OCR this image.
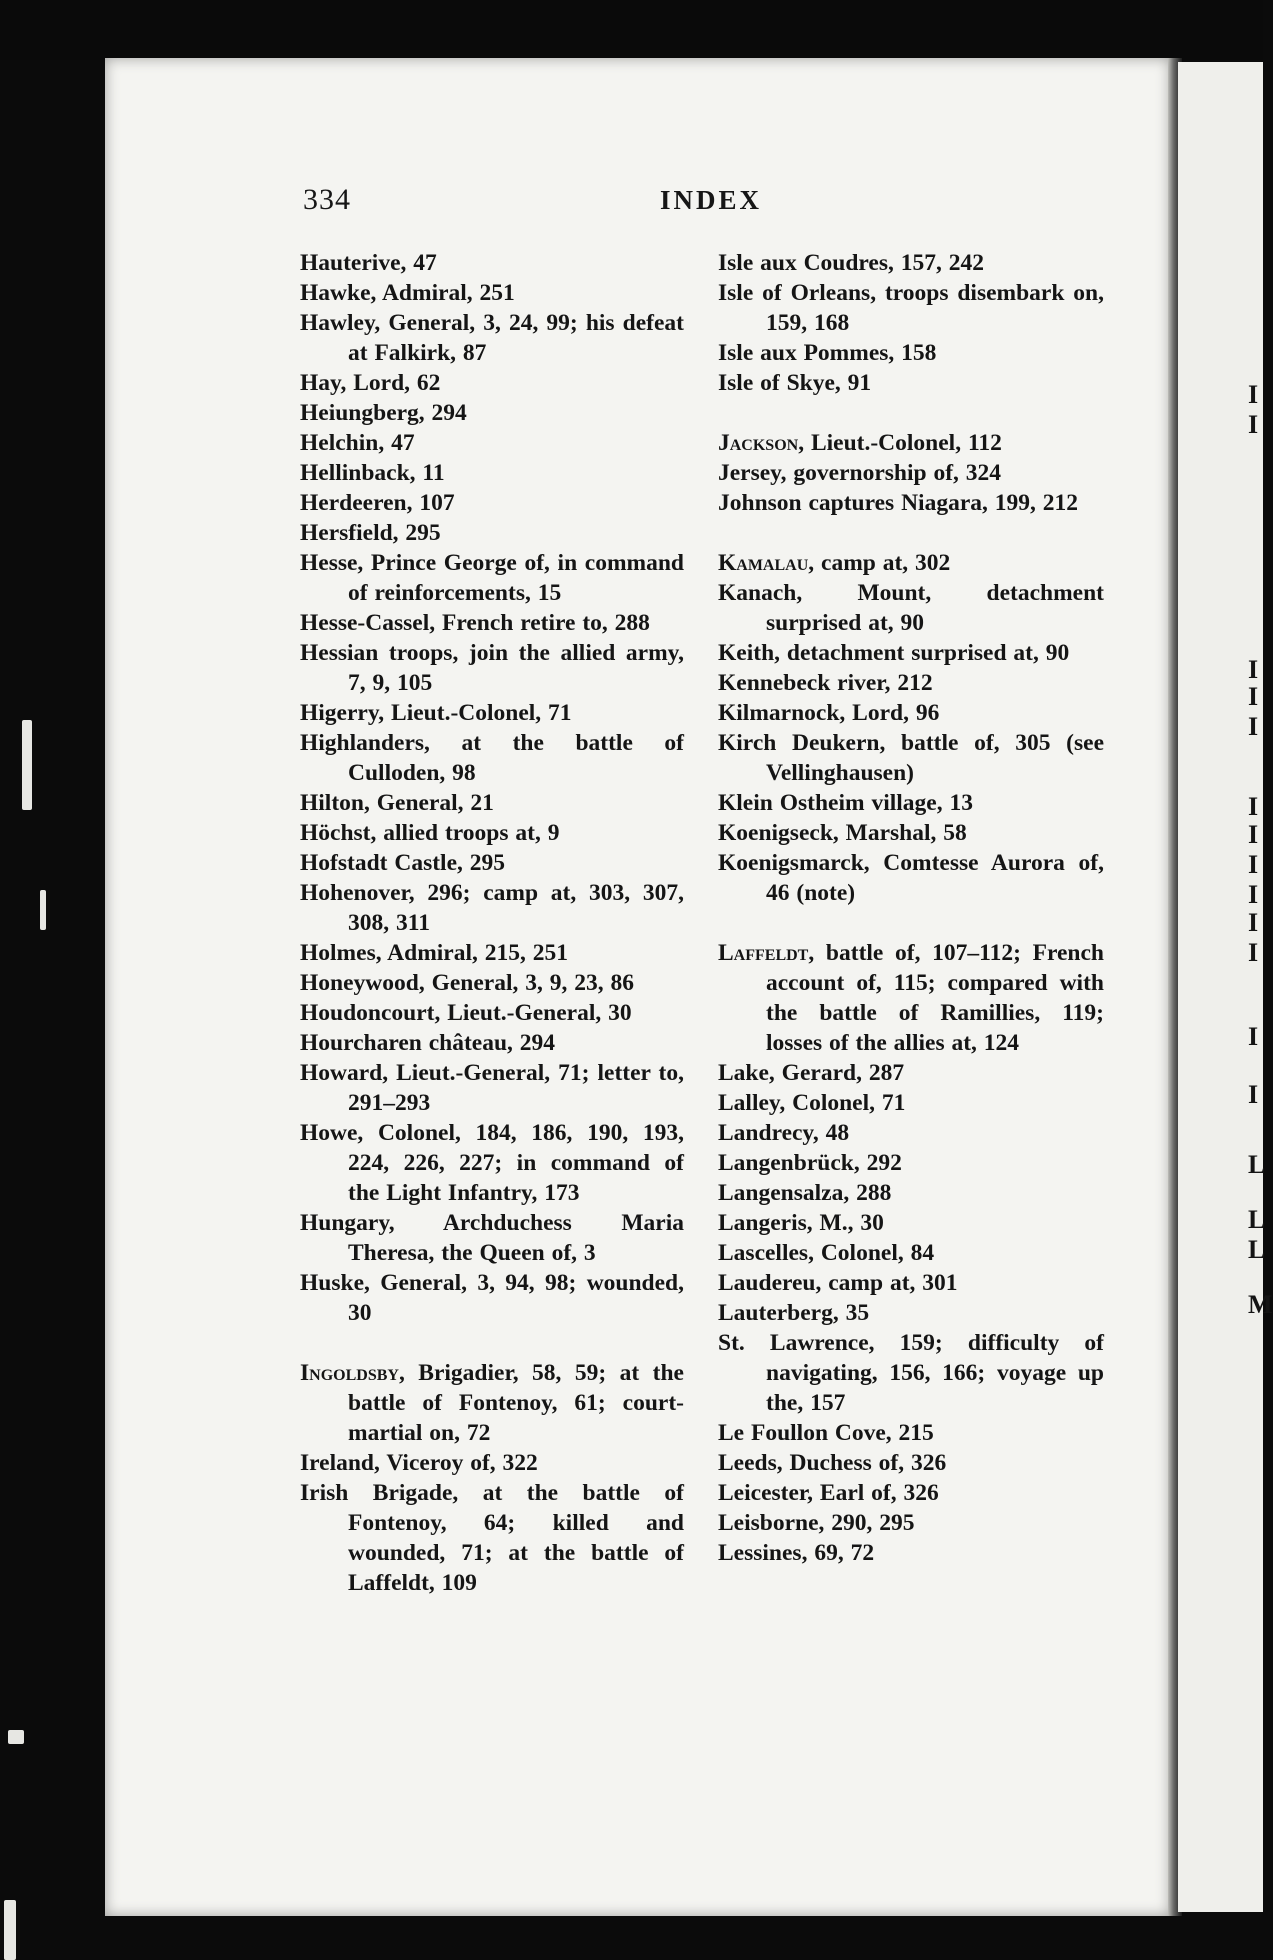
I
I
I
I
I
I
I
I
I
I
I
I
I
L
L
L
M
334	INDEX

Hauterive, 47

Hawke, Admiral, 251

Hawley, General, 3, 24, 99; his defeat at Falkirk, 87

Hay, Lord, 62

Heiungberg, 294

Helchin, 47

Hellinback, 11

Herdeeren, 107

Hersfield, 295

Hesse, Prince George of, in command of reinforcements, 15

Hesse-Cassel, French retire to, 288

Hessian troops, join the allied army, 7, 9, 105

Higerry, Lieut.-Colonel, 71

Highlanders, at the battle of Culloden, 98

Hilton, General, 21

Höchst, allied troops at, 9

Hofstadt Castle, 295

Hohenover, 296; camp at, 303, 307, 308, 311

Holmes, Admiral, 215, 251

Honeywood, General, 3, 9, 23, 86

Houdoncourt, Lieut.-General, 30

Hourcharen château, 294

Howard, Lieut.-General, 71; letter to, 291–293

Howe, Colonel, 184, 186, 190, 193, 224, 226, 227; in command of the Light Infantry, 173

Hungary, Archduchess Maria Theresa, the Queen of, 3

Huske, General, 3, 94, 98; wounded, 30

Ingoldsby, Brigadier, 58, 59; at the battle of Fontenoy, 61; court-martial on, 72

Ireland, Viceroy of, 322

Irish Brigade, at the battle of Fontenoy, 64; killed and wounded, 71; at the battle of Laffeldt, 109

Isle aux Coudres, 157, 242

Isle of Orleans, troops disembark on, 159, 168

Isle aux Pommes, 158

Isle of Skye, 91

Jackson, Lieut.-Colonel, 112

Jersey, governorship of, 324

Johnson captures Niagara, 199, 212

Kamalau, camp at, 302

Kanach, Mount, detachment surprised at, 90

Keith, detachment surprised at, 90

Kennebeck river, 212

Kilmarnock, Lord, 96

Kirch Deukern, battle of, 305 (see Vellinghausen)

Klein Ostheim village, 13

Koenigseck, Marshal, 58

Koenigsmarck, Comtesse Aurora of, 46 (note)

Laffeldt, battle of, 107–112; French account of, 115; compared with the battle of Ramillies, 119; losses of the allies at, 124

Lake, Gerard, 287

Lalley, Colonel, 71

Landrecy, 48

Langenbrück, 292

Langensalza, 288

Langeris, M., 30

Lascelles, Colonel, 84

Laudereu, camp at, 301

Lauterberg, 35

St. Lawrence, 159; difficulty of navigating, 156, 166; voyage up the, 157

Le Foullon Cove, 215

Leeds, Duchess of, 326

Leicester, Earl of, 326

Leisborne, 290, 295

Lessines, 69, 72
